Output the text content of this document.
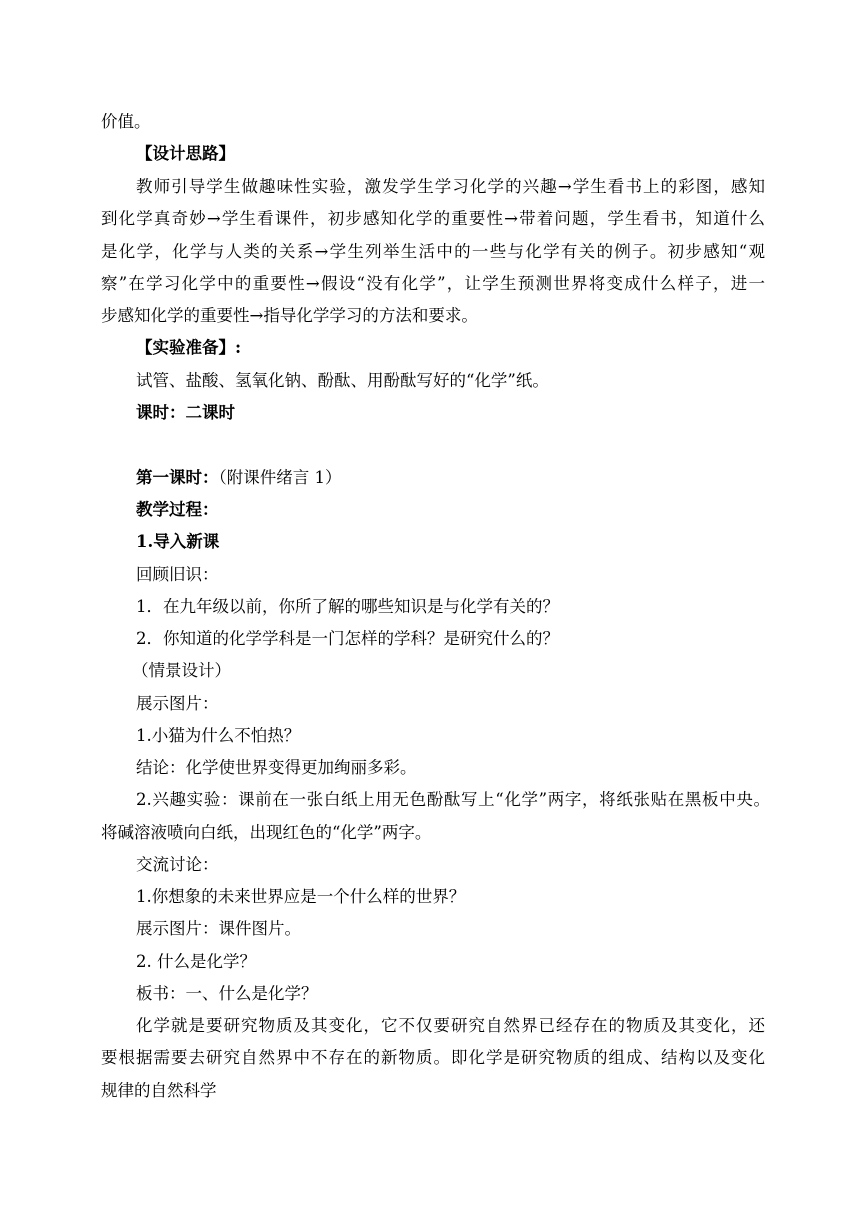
价值。
【设计思路】
教师引导学生做趣味性实验，激发学生学习化学的兴趣→学生看书上的彩图，感知
到化学真奇妙→学生看课件，初步感知化学的重要性→带着问题，学生看书，知道什么
是化学，化学与人类的关系→学生列举生活中的一些与化学有关的例子。初步感知“观
察”在学习化学中的重要性→假设“没有化学”，让学生预测世界将变成什么样子，进一
步感知化学的重要性→指导化学学习的方法和要求。
【实验准备】:
试管、盐酸、氢氧化钠、酚酞、用酚酞写好的“化学”纸。
课时：二课时
第一课时：（附课件绪言 1）
教学过程：
1.导入新课
回顾旧识：
1．在九年级以前，你所了解的哪些知识是与化学有关的？
2．你知道的化学学科是一门怎样的学科？是研究什么的？
（情景设计）
展示图片：
1.小猫为什么不怕热？
结论：化学使世界变得更加绚丽多彩。
2.兴趣实验：课前在一张白纸上用无色酚酞写上“化学”两字，将纸张贴在黑板中央。
将碱溶液喷向白纸，出现红色的“化学”两字。
交流讨论：
1.你想象的未来世界应是一个什么样的世界？
展示图片：课件图片。
2. 什么是化学？
板书：一、什么是化学？
化学就是要研究物质及其变化，它不仅要研究自然界已经存在的物质及其变化，还
要根据需要去研究自然界中不存在的新物质。即化学是研究物质的组成、结构以及变化
规律的自然科学
